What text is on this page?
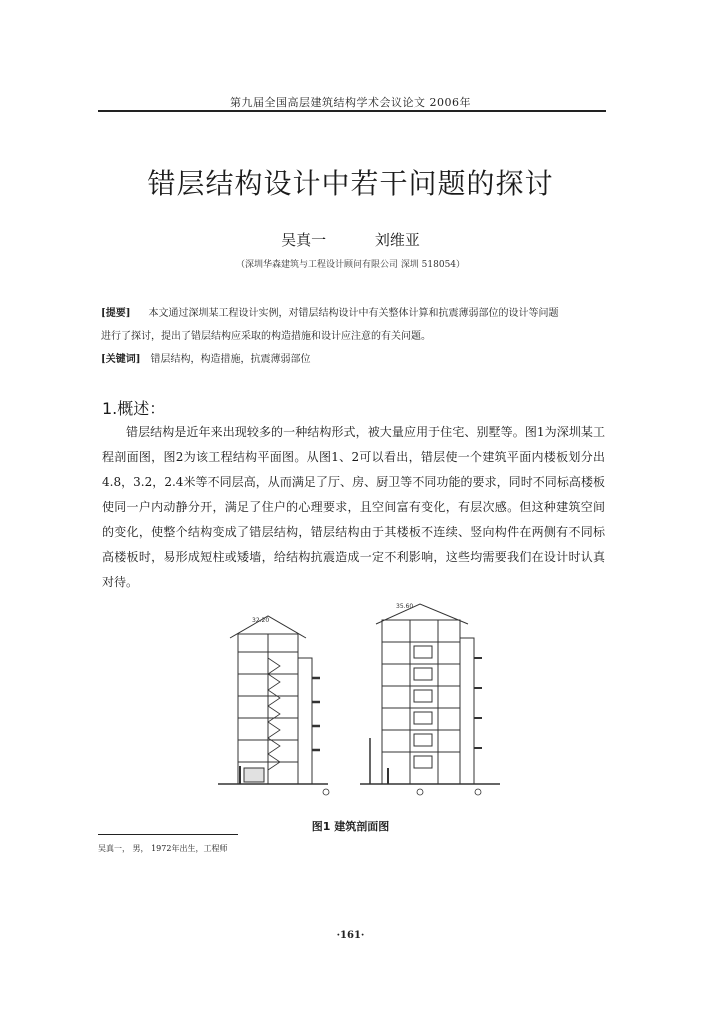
第九届全国高层建筑结构学术会议论文 2006年
错层结构设计中若干问题的探讨
吴真一	刘维亚
（深圳华森建筑与工程设计顾问有限公司 深圳 518054）

[提要] 本文通过深圳某工程设计实例，对错层结构设计中有关整体计算和抗震薄弱部位的设计等问题

进行了探讨，提出了错层结构应采取的构造措施和设计应注意的有关问题。

[关键词] 错层结构，构造措施，抗震薄弱部位
1.概述：

错层结构是近年来出现较多的一种结构形式，被大量应用于住宅、别墅等。图1为深圳某工程剖面图，图2为该工程结构平面图。从图1、2可以看出，错层使一个建筑平面内楼板划分出4.8，3.2，2.4米等不同层高，从而满足了厅、房、厨卫等不同功能的要求，同时不同标高楼板使同一户内动静分开，满足了住户的心理要求，且空间富有变化，有层次感。但这种建筑空间的变化，使整个结构变成了错层结构，错层结构由于其楼板不连续、竖向构件在两侧有不同标高楼板时，易形成短柱或矮墙，给结构抗震造成一定不利影响，这些均需要我们在设计时认真对待。

32.20
35.60
图1 建筑剖面图
吴真一， 男， 1972年出生，工程师
·161·
